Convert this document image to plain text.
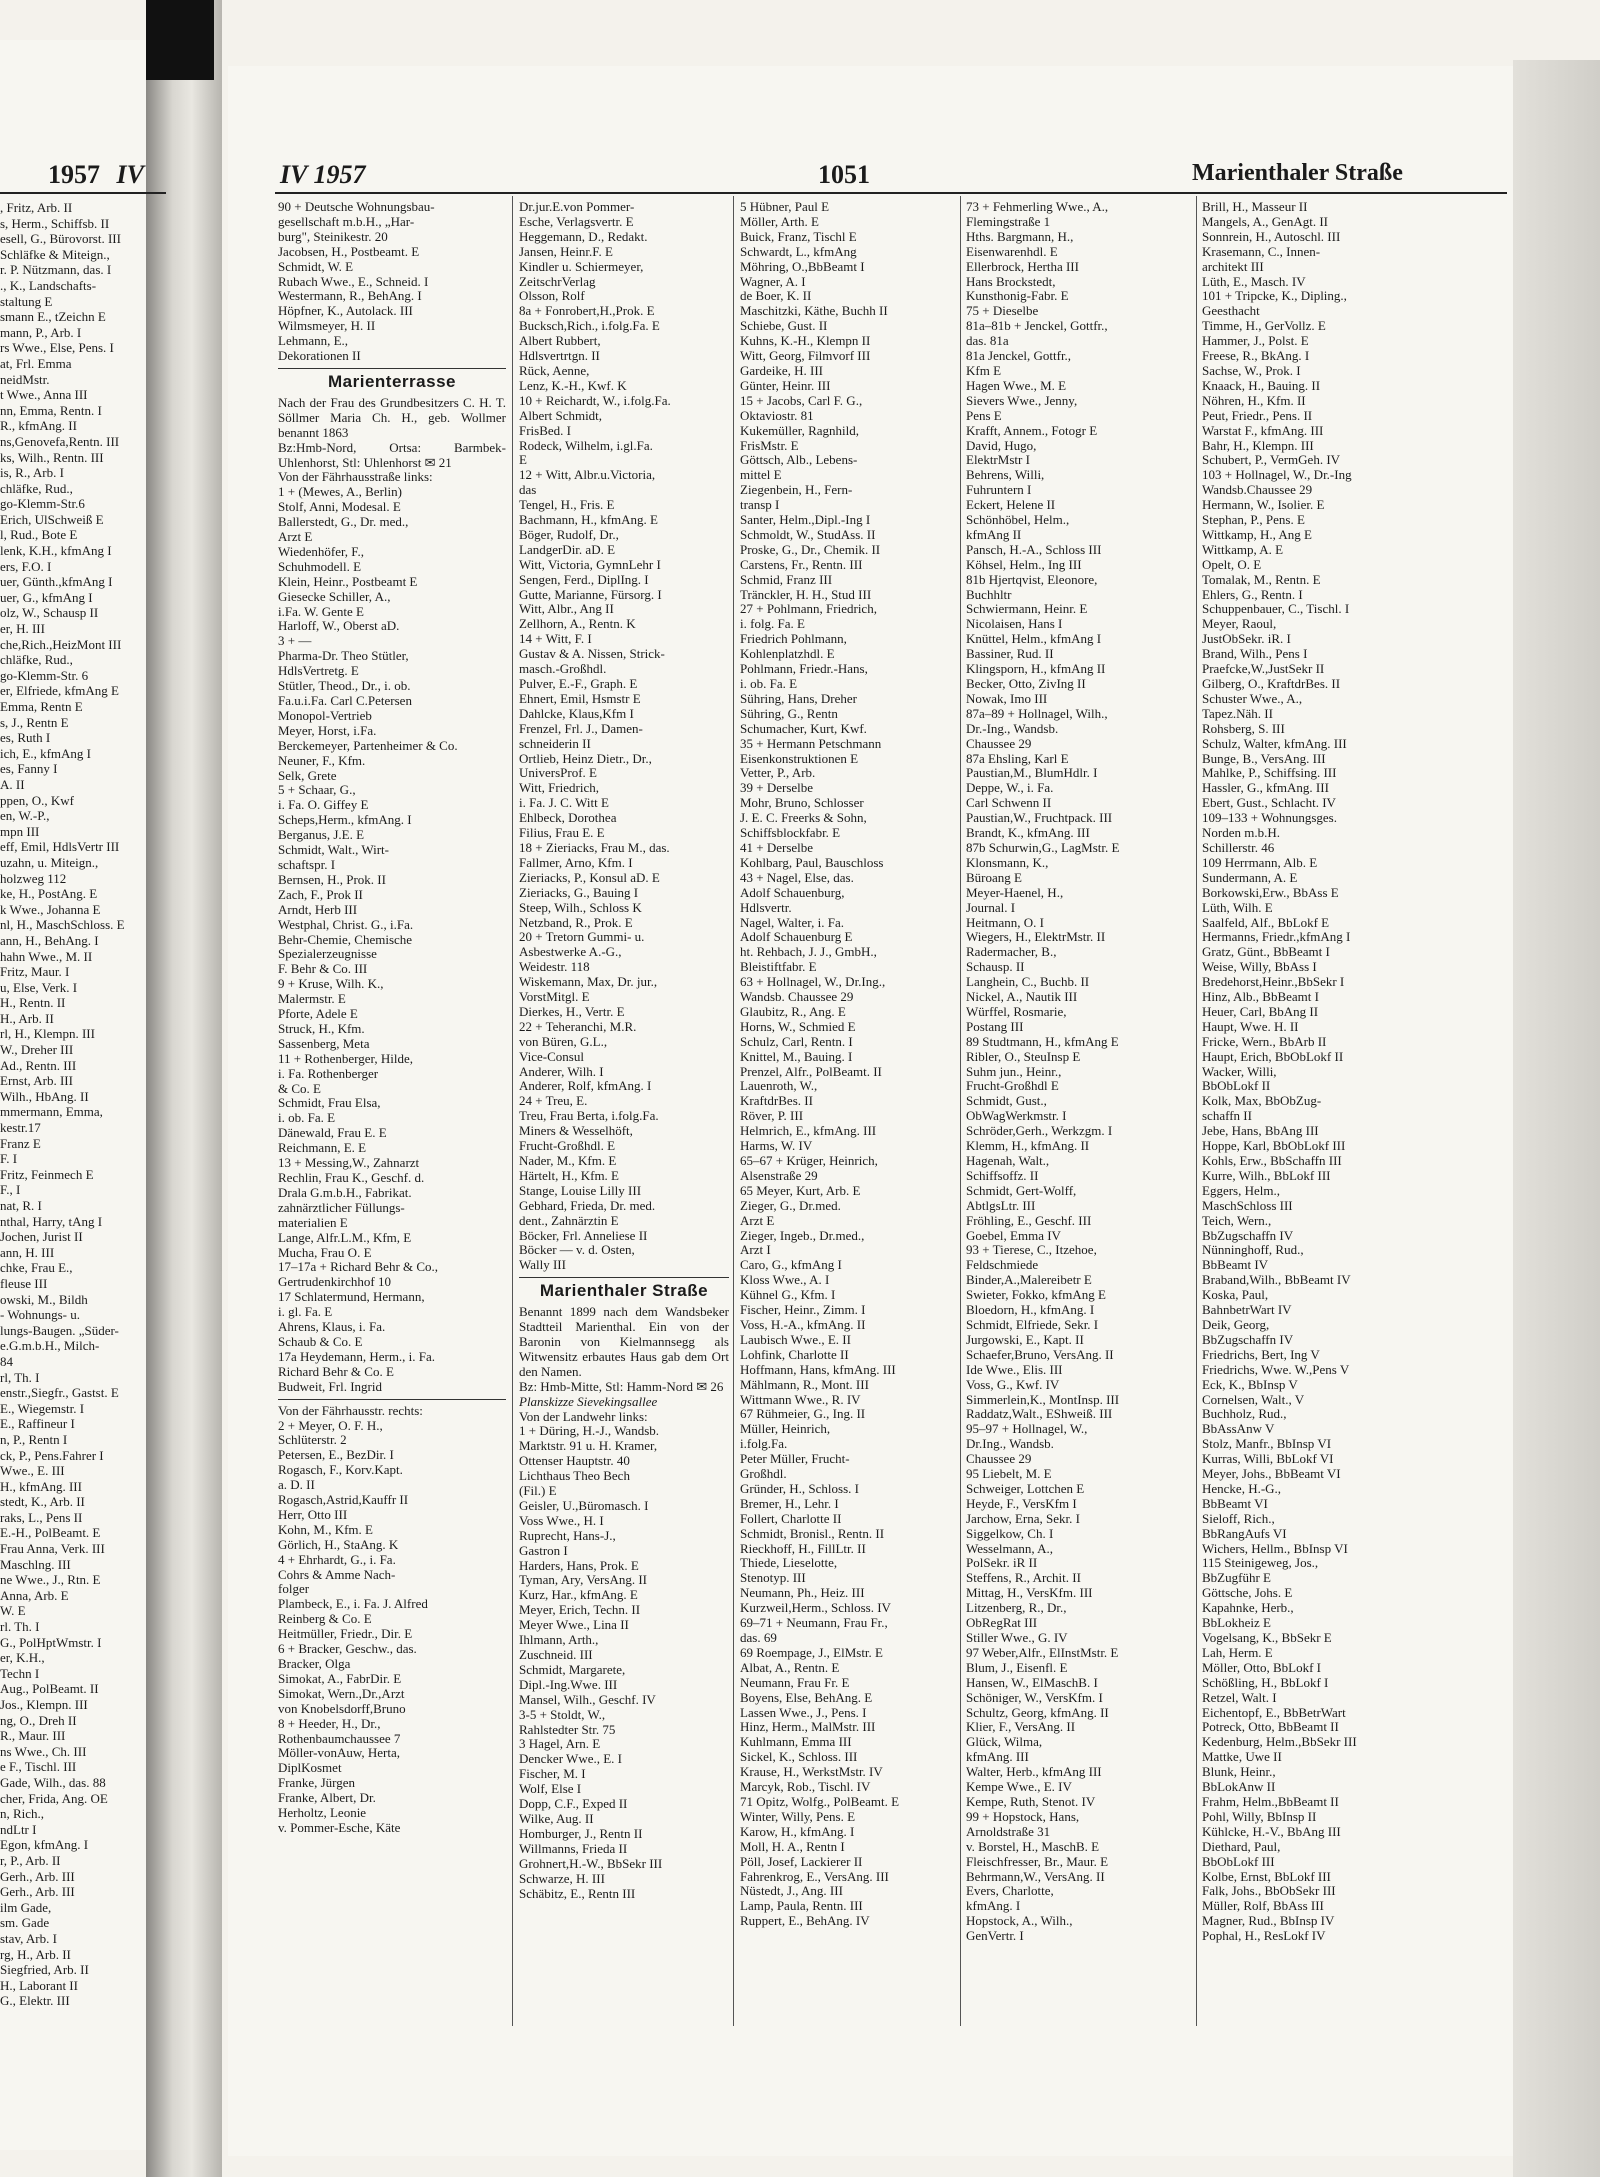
1957 IV
, Fritz, Arb. II
s, Herm., Schiffsb. II
esell, G., Bürovorst. III
Schläfke & Miteign.,
r. P. Nützmann, das. I
., K., Landschafts-
staltung E
smann E., tZeichn E
mann, P., Arb. I
rs Wwe., Else, Pens. I
at, Frl. Emma
neidMstr.
t Wwe., Anna III
nn, Emma, Rentn. I
R., kfmAng. II
ns,Genovefa,Rentn. III
ks, Wilh., Rentn. III
is, R., Arb. I
chläfke, Rud.,
go-Klemm-Str.6
Erich, UlSchweiß E
l, Rud., Bote E
lenk, K.H., kfmAng I
ers, F.O. I
uer, Günth.,kfmAng I
uer, G., kfmAng I
olz, W., Schausp II
er, H. III
che,Rich.,HeizMont III
chläfke, Rud.,
go-Klemm-Str. 6
er, Elfriede, kfmAng E
Emma, Rentn E
s, J., Rentn E
es, Ruth I
ich, E., kfmAng I
es, Fanny I
A. II
ppen, O., Kwf
en, W.-P.,
mpn III
eff, Emil, HdlsVertr III
uzahn, u. Miteign.,
holzweg 112
ke, H., PostAng. E
k Wwe., Johanna E
nl, H., MaschSchloss. E
ann, H., BehAng. I
hahn Wwe., M. II
Fritz, Maur. I
u, Else, Verk. I
H., Rentn. II
H., Arb. II
rl, H., Klempn. III
W., Dreher III
Ad., Rentn. III
Ernst, Arb. III
Wilh., HbAng. II
mmermann, Emma,
kestr.17
Franz E
F. I
Fritz, Feinmech E
F., I
nat, R. I
nthal, Harry, tAng I
Jochen, Jurist II
ann, H. III
chke, Frau E.,
fleuse III
owski, M., Bildh
- Wohnungs- u.
lungs-Baugen. „Süder-
e.G.m.b.H., Milch-
84
rl, Th. I
enstr.,Siegfr., Gastst. E
E., Wiegemstr. I
E., Raffineur I
n, P., Rentn I
ck, P., Pens.Fahrer I
Wwe., E. III
H., kfmAng. III
stedt, K., Arb. II
raks, L., Pens II
E.-H., PolBeamt. E
Frau Anna, Verk. III
Maschlng. III
ne Wwe., J., Rtn. E
Anna, Arb. E
W. E
rl. Th. I
G., PolHptWmstr. I
er, K.H.,
Techn I
Aug., PolBeamt. II
Jos., Klempn. III
ng, O., Dreh II
R., Maur. III
ns Wwe., Ch. III
e F., Tischl. III
Gade, Wilh., das. 88
cher, Frida, Ang. OE
n, Rich.,
ndLtr I
Egon, kfmAng. I
r, P., Arb. II
Gerh., Arb. III
Gerh., Arb. III
ilm Gade,
sm. Gade
stav, Arb. I
rg, H., Arb. II
Siegfried, Arb. II
H., Laborant II
G., Elektr. III
IV 1957	1051	Marienthaler Straße
90 + Deutsche Wohnungsbau-
gesellschaft m.b.H., „Har-
burg", Steinikestr. 20
Jacobsen, H., Postbeamt. E
Schmidt, W. E
Rubach Wwe., E., Schneid. I
Westermann, R., BehAng. I
Höpfner, K., Autolack. III
Wilmsmeyer, H. II
Lehmann, E.,
Dekorationen II
Marienterrasse
Nach der Frau des Grundbesitzers C. H. T. Söllmer Maria Ch. H., geb. Wollmer benannt 1863
Bz:Hmb-Nord, Ortsa: Barmbek-Uhlenhorst, Stl: Uhlenhorst ✉ 21
Von der Fährhausstraße links:
1 + (Mewes, A., Berlin)
Stolf, Anni, Modesal. E
Ballerstedt, G., Dr. med.,
Arzt E
Wiedenhöfer, F.,
Schuhmodell. E
Klein, Heinr., Postbeamt E
Giesecke Schiller, A.,
i.Fa. W. Gente E
Harloff, W., Oberst aD.
3 + —
Pharma-Dr. Theo Stütler,
HdlsVertretg. E
Stütler, Theod., Dr., i. ob.
Fa.u.i.Fa. Carl C.Petersen
Monopol-Vertrieb
Meyer, Horst, i.Fa.
Berckemeyer, Partenheimer & Co.
Neuner, F., Kfm.
Selk, Grete
5 + Schaar, G.,
i. Fa. O. Giffey E
Scheps,Herm., kfmAng. I
Berganus, J.E. E
Schmidt, Walt., Wirt-
schaftspr. I
Bernsen, H., Prok. II
Zach, F., Prok II
Arndt, Herb III
Westphal, Christ. G., i.Fa.
Behr-Chemie, Chemische
Spezialerzeugnisse
F. Behr & Co. III
9 + Kruse, Wilh. K.,
Malermstr. E
Pforte, Adele E
Struck, H., Kfm.
Sassenberg, Meta
11 + Rothenberger, Hilde,
i. Fa. Rothenberger
& Co. E
Schmidt, Frau Elsa,
i. ob. Fa. E
Dänewald, Frau E. E
Reichmann, E. E
13 + Messing,W., Zahnarzt
Rechlin, Frau K., Geschf. d.
Drala G.m.b.H., Fabrikat.
zahnärztlicher Füllungs-
materialien E
Lange, Alfr.L.M., Kfm, E
Mucha, Frau O. E
17–17a + Richard Behr & Co.,
Gertrudenkirchhof 10
17 Schlatermund, Hermann,
i. gl. Fa. E
Ahrens, Klaus, i. Fa.
Schaub & Co. E
17a Heydemann, Herm., i. Fa.
Richard Behr & Co. E
Budweit, Frl. Ingrid
Von der Fährhausstr. rechts:
2 + Meyer, O. F. H.,
Schlüterstr. 2
Petersen, E., BezDir. I
Rogasch, F., Korv.Kapt.
a. D. II
Rogasch,Astrid,Kauffr II
Herr, Otto III
Kohn, M., Kfm. E
Görlich, H., StaAng. K
4 + Ehrhardt, G., i. Fa.
Cohrs & Amme Nach-
folger
Plambeck, E., i. Fa. J. Alfred
Reinberg & Co. E
Heitmüller, Friedr., Dir. E
6 + Bracker, Geschw., das.
Bracker, Olga
Simokat, A., FabrDir. E
Simokat, Wern.,Dr.,Arzt
von Knobelsdorff,Bruno
8 + Heeder, H., Dr.,
Rothenbaumchaussee 7
Möller-vonAuw, Herta,
DiplKosmet
Franke, Jürgen
Franke, Albert, Dr.
Herholtz, Leonie
v. Pommer-Esche, Käte
Dr.jur.E.von Pommer-
Esche, Verlagsvertr. E
Heggemann, D., Redakt.
Jansen, Heinr.F. E
Kindler u. Schiermeyer,
ZeitschrVerlag
Olsson, Rolf
8a + Fonrobert,H.,Prok. E
Bucksch,Rich., i.folg.Fa. E
Albert Rubbert,
Hdlsvertrtgn. II
Rück, Aenne,
Lenz, K.-H., Kwf. K
10 + Reichardt, W., i.folg.Fa.
Albert Schmidt,
FrisBed. I
Rodeck, Wilhelm, i.gl.Fa.
E
12 + Witt, Albr.u.Victoria,
das
Tengel, H., Fris. E
Bachmann, H., kfmAng. E
Böger, Rudolf, Dr.,
LandgerDir. aD. E
Witt, Victoria, GymnLehr I
Sengen, Ferd., DiplIng. I
Gutte, Marianne, Fürsorg. I
Witt, Albr., Ang II
Zellhorn, A., Rentn. K
14 + Witt, F. I
Gustav & A. Nissen, Strick-
masch.-Großhdl.
Pulver, E.-F., Graph. E
Ehnert, Emil, Hsmstr E
Dahlcke, Klaus,Kfm I
Frenzel, Frl. J., Damen-
schneiderin II
Ortlieb, Heinz Dietr., Dr.,
UniversProf. E
Witt, Friedrich,
i. Fa. J. C. Witt E
Ehlbeck, Dorothea
Filius, Frau E. E
18 + Zieriacks, Frau M., das.
Fallmer, Arno, Kfm. I
Zieriacks, P., Konsul aD. E
Zieriacks, G., Bauing I
Steep, Wilh., Schloss K
Netzband, R., Prok. E
20 + Tretorn Gummi- u.
Asbestwerke A.-G.,
Weidestr. 118
Wiskemann, Max, Dr. jur.,
VorstMitgl. E
Dierkes, H., Vertr. E
22 + Teheranchi, M.R.
von Büren, G.L.,
Vice-Consul
Anderer, Wilh. I
Anderer, Rolf, kfmAng. I
24 + Treu, E.
Treu, Frau Berta, i.folg.Fa.
Miners & Wesselhöft,
Frucht-Großhdl. E
Nader, M., Kfm. E
Härtelt, H., Kfm. E
Stange, Louise Lilly III
Gebhard, Frieda, Dr. med.
dent., Zahnärztin E
Böcker, Frl. Anneliese II
Böcker — v. d. Osten,
Wally III
Marienthaler Straße
Benannt 1899 nach dem Wandsbeker Stadtteil Marienthal. Ein von der Baronin von Kielmannsegg als Witwensitz erbautes Haus gab dem Ort den Namen.
Bz: Hmb-Mitte, Stl: Hamm-Nord ✉ 26
Planskizze Sievekingsallee
Von der Landwehr links:
1 + Düring, H.-J., Wandsb.
Marktstr. 91 u. H. Kramer,
Ottenser Hauptstr. 40
Lichthaus Theo Bech
(Fil.) E
Geisler, U.,Büromasch. I
Voss Wwe., H. I
Ruprecht, Hans-J.,
Gastron I
Harders, Hans, Prok. E
Tyman, Ary, VersAng. II
Kurz, Har., kfmAng. E
Meyer, Erich, Techn. II
Meyer Wwe., Lina II
Ihlmann, Arth.,
Zuschneid. III
Schmidt, Margarete,
Dipl.-Ing.Wwe. III
Mansel, Wilh., Geschf. IV
3-5 + Stoldt, W.,
Rahlstedter Str. 75
3 Hagel, Arn. E
Dencker Wwe., E. I
Fischer, M. I
Wolf, Else I
Dopp, C.F., Exped II
Wilke, Aug. II
Homburger, J., Rentn II
Willmanns, Frieda II
Grohnert,H.-W., BbSekr III
Schwarze, H. III
Schäbitz, E., Rentn III
5 Hübner, Paul E
Möller, Arth. E
Buick, Franz, Tischl E
Schwardt, L., kfmAng
Möhring, O.,BbBeamt I
Wagner, A. I
de Boer, K. II
Maschitzki, Käthe, Buchh II
Schiebe, Gust. II
Kuhns, K.-H., Klempn II
Witt, Georg, Filmvorf III
Gardeike, H. III
Günter, Heinr. III
15 + Jacobs, Carl F. G.,
Oktaviostr. 81
Kukemüller, Ragnhild,
FrisMstr. E
Göttsch, Alb., Lebens-
mittel E
Ziegenbein, H., Fern-
transp I
Santer, Helm.,Dipl.-Ing I
Schmoldt, W., StudAss. II
Proske, G., Dr., Chemik. II
Carstens, Fr., Rentn. III
Schmid, Franz III
Tränckler, H. H., Stud III
27 + Pohlmann, Friedrich,
i. folg. Fa. E
Friedrich Pohlmann,
Kohlenplatzhdl. E
Pohlmann, Friedr.-Hans,
i. ob. Fa. E
Sühring, Hans, Dreher
Sühring, G., Rentn
Schumacher, Kurt, Kwf.
35 + Hermann Petschmann
Eisenkonstruktionen E
Vetter, P., Arb.
39 + Derselbe
Mohr, Bruno, Schlosser
J. E. C. Freerks & Sohn,
Schiffsblockfabr. E
41 + Derselbe
Kohlbarg, Paul, Bauschloss
43 + Nagel, Else, das.
Adolf Schauenburg,
Hdlsvertr.
Nagel, Walter, i. Fa.
Adolf Schauenburg E
ht. Rehbach, J. J., GmbH.,
Bleistiftfabr. E
63 + Hollnagel, W., Dr.Ing.,
Wandsb. Chaussee 29
Glaubitz, R., Ang. E
Horns, W., Schmied E
Schulz, Carl, Rentn. I
Knittel, M., Bauing. I
Prenzel, Alfr., PolBeamt. II
Lauenroth, W.,
KraftdrBes. II
Röver, P. III
Helmrich, E., kfmAng. III
Harms, W. IV
65–67 + Krüger, Heinrich,
Alsenstraße 29
65 Meyer, Kurt, Arb. E
Zieger, G., Dr.med.
Arzt E
Zieger, Ingeb., Dr.med.,
Arzt I
Caro, G., kfmAng I
Kloss Wwe., A. I
Kühnel G., Kfm. I
Fischer, Heinr., Zimm. I
Voss, H.-A., kfmAng. II
Laubisch Wwe., E. II
Lohfink, Charlotte II
Hoffmann, Hans, kfmAng. III
Mählmann, R., Mont. III
Wittmann Wwe., R. IV
67 Rühmeier, G., Ing. II
Müller, Heinrich,
i.folg.Fa.
Peter Müller, Frucht-
Großhdl.
Gründer, H., Schloss. I
Bremer, H., Lehr. I
Follert, Charlotte II
Schmidt, Bronisl., Rentn. II
Rieckhoff, H., FillLtr. II
Thiede, Lieselotte,
Stenotyp. III
Neumann, Ph., Heiz. III
Kurzweil,Herm., Schloss. IV
69–71 + Neumann, Frau Fr.,
das. 69
69 Roempage, J., ElMstr. E
Albat, A., Rentn. E
Neumann, Frau Fr. E
Boyens, Else, BehAng. E
Lassen Wwe., J., Pens. I
Hinz, Herm., MalMstr. III
Kuhlmann, Emma III
Sickel, K., Schloss. III
Krause, H., WerkstMstr. IV
Marcyk, Rob., Tischl. IV
71 Opitz, Wolfg., PolBeamt. E
Winter, Willy, Pens. E
Karow, H., kfmAng. I
Moll, H. A., Rentn I
Pöll, Josef, Lackierer II
Fahrenkrog, E., VersAng. III
Nüstedt, J., Ang. III
Lamp, Paula, Rentn. III
Ruppert, E., BehAng. IV
73 + Fehmerling Wwe., A.,
Flemingstraße 1
Hths. Bargmann, H.,
Eisenwarenhdl. E
Ellerbrock, Hertha III
Hans Brockstedt,
Kunsthonig-Fabr. E
75 + Dieselbe
81a–81b + Jenckel, Gottfr.,
das. 81a
81a Jenckel, Gottfr.,
Kfm E
Hagen Wwe., M. E
Sievers Wwe., Jenny,
Pens E
Krafft, Annem., Fotogr E
David, Hugo,
ElektrMstr I
Behrens, Willi,
Fuhruntern I
Eckert, Helene II
Schönhöbel, Helm.,
kfmAng II
Pansch, H.-A., Schloss III
Köhsel, Helm., Ing III
81b Hjertqvist, Eleonore,
Buchhltr
Schwiermann, Heinr. E
Nicolaisen, Hans I
Knüttel, Helm., kfmAng I
Bassiner, Rud. II
Klingsporn, H., kfmAng II
Becker, Otto, ZivIng II
Nowak, Imo III
87a–89 + Hollnagel, Wilh.,
Dr.-Ing., Wandsb.
Chaussee 29
87a Ehsling, Karl E
Paustian,M., BlumHdlr. I
Deppe, W., i. Fa.
Carl Schwenn II
Paustian,W., Fruchtpack. III
Brandt, K., kfmAng. III
87b Schurwin,G., LagMstr. E
Klonsmann, K.,
Büroang E
Meyer-Haenel, H.,
Journal. I
Heitmann, O. I
Wiegers, H., ElektrMstr. II
Radermacher, B.,
Schausp. II
Langhein, C., Buchb. II
Nickel, A., Nautik III
Würffel, Rosmarie,
Postang III
89 Studtmann, H., kfmAng E
Ribler, O., SteuInsp E
Suhm jun., Heinr.,
Frucht-Großhdl E
Schmidt, Gust.,
ObWagWerkmstr. I
Schröder,Gerh., Werkzgm. I
Klemm, H., kfmAng. II
Hagenah, Walt.,
Schiffsoffz. II
Schmidt, Gert-Wolff,
AbtlgsLtr. III
Fröhling, E., Geschf. III
Goebel, Emma IV
93 + Tierese, C., Itzehoe,
Feldschmiede
Binder,A.,Malereibetr E
Swieter, Fokko, kfmAng E
Bloedorn, H., kfmAng. I
Schmidt, Elfriede, Sekr. I
Jurgowski, E., Kapt. II
Schaefer,Bruno, VersAng. II
Ide Wwe., Elis. III
Voss, G., Kwf. IV
Simmerlein,K., MontInsp. III
Raddatz,Walt., EShweiß. III
95–97 + Hollnagel, W.,
Dr.Ing., Wandsb.
Chaussee 29
95 Liebelt, M. E
Schweiger, Lottchen E
Heyde, F., VersKfm I
Jarchow, Erna, Sekr. I
Siggelkow, Ch. I
Wesselmann, A.,
PolSekr. iR II
Steffens, R., Archit. II
Mittag, H., VersKfm. III
Litzenberg, R., Dr.,
ObRegRat III
Stiller Wwe., G. IV
97 Weber,Alfr., ElInstMstr. E
Blum, J., Eisenfl. E
Hansen, W., ElMaschB. I
Schöniger, W., VersKfm. I
Schultz, Georg, kfmAng. II
Klier, F., VersAng. II
Glück, Wilma,
kfmAng. III
Walter, Herb., kfmAng III
Kempe Wwe., E. IV
Kempe, Ruth, Stenot. IV
99 + Hopstock, Hans,
Arnoldstraße 31
v. Borstel, H., MaschB. E
Fleischfresser, Br., Maur. E
Behrmann,W., VersAng. II
Evers, Charlotte,
kfmAng. I
Hopstock, A., Wilh.,
GenVertr. I
Brill, H., Masseur II
Mangels, A., GenAgt. II
Sonnrein, H., Autoschl. III
Krasemann, C., Innen-
architekt III
Lüth, E., Masch. IV
101 + Tripcke, K., Dipling.,
Geesthacht
Timme, H., GerVollz. E
Hammer, J., Polst. E
Freese, R., BkAng. I
Sachse, W., Prok. I
Knaack, H., Bauing. II
Nöhren, H., Kfm. II
Peut, Friedr., Pens. II
Warstat F., kfmAng. III
Bahr, H., Klempn. III
Schubert, P., VermGeh. IV
103 + Hollnagel, W., Dr.-Ing
Wandsb.Chaussee 29
Hermann, W., Isolier. E
Stephan, P., Pens. E
Wittkamp, H., Ang E
Wittkamp, A. E
Opelt, O. E
Tomalak, M., Rentn. E
Ehlers, G., Rentn. I
Schuppenbauer, C., Tischl. I
Meyer, Raoul,
JustObSekr. iR. I
Brand, Wilh., Pens I
Praefcke,W.,JustSekr II
Gilberg, O., KraftdrBes. II
Schuster Wwe., A.,
Tapez.Näh. II
Rohsberg, S. III
Schulz, Walter, kfmAng. III
Bunge, B., VersAng. III
Mahlke, P., Schiffsing. III
Hassler, G., kfmAng. III
Ebert, Gust., Schlacht. IV
109–133 + Wohnungsges.
Norden m.b.H.
Schillerstr. 46
109 Herrmann, Alb. E
Sundermann, A. E
Borkowski,Erw., BbAss E
Lüth, Wilh. E
Saalfeld, Alf., BbLokf E
Hermanns, Friedr.,kfmAng I
Gratz, Günt., BbBeamt I
Weise, Willy, BbAss I
Bredehorst,Heinr.,BbSekr I
Hinz, Alb., BbBeamt I
Heuer, Carl, BbAng II
Haupt, Wwe. H. II
Fricke, Wern., BbArb II
Haupt, Erich, BbObLokf II
Wacker, Willi,
BbObLokf II
Kolk, Max, BbObZug-
schaffn II
Jebe, Hans, BbAng III
Hoppe, Karl, BbObLokf III
Kohls, Erw., BbSchaffn III
Kurre, Wilh., BbLokf III
Eggers, Helm.,
MaschSchloss III
Teich, Wern.,
BbZugschaffn IV
Nünninghoff, Rud.,
BbBeamt IV
Braband,Wilh., BbBeamt IV
Koska, Paul,
BahnbetrWart IV
Deik, Georg,
BbZugschaffn IV
Friedrichs, Bert, Ing V
Friedrichs, Wwe. W.,Pens V
Eck, K., BbInsp V
Cornelsen, Walt., V
Buchholz, Rud.,
BbAssAnw V
Stolz, Manfr., BbInsp VI
Kurras, Willi, BbLokf VI
Meyer, Johs., BbBeamt VI
Hencke, H.-G.,
BbBeamt VI
Sieloff, Rich.,
BbRangAufs VI
Wichers, Hellm., BbInsp VI
115 Steinigeweg, Jos.,
BbZugführ E
Göttsche, Johs. E
Kapahnke, Herb.,
BbLokheiz E
Vogelsang, K., BbSekr E
Lah, Herm. E
Möller, Otto, BbLokf I
Schößling, H., BbLokf I
Retzel, Walt. I
Eichentopf, E., BbBetrWart
Potreck, Otto, BbBeamt II
Kedenburg, Helm.,BbSekr III
Mattke, Uwe II
Blunk, Heinr.,
BbLokAnw II
Frahm, Helm.,BbBeamt II
Pohl, Willy, BbInsp II
Kühlcke, H.-V., BbAng III
Diethard, Paul,
BbObLokf III
Kolbe, Ernst, BbLokf III
Falk, Johs., BbObSekr III
Müller, Rolf, BbAss III
Magner, Rud., BbInsp IV
Pophal, H., ResLokf IV
